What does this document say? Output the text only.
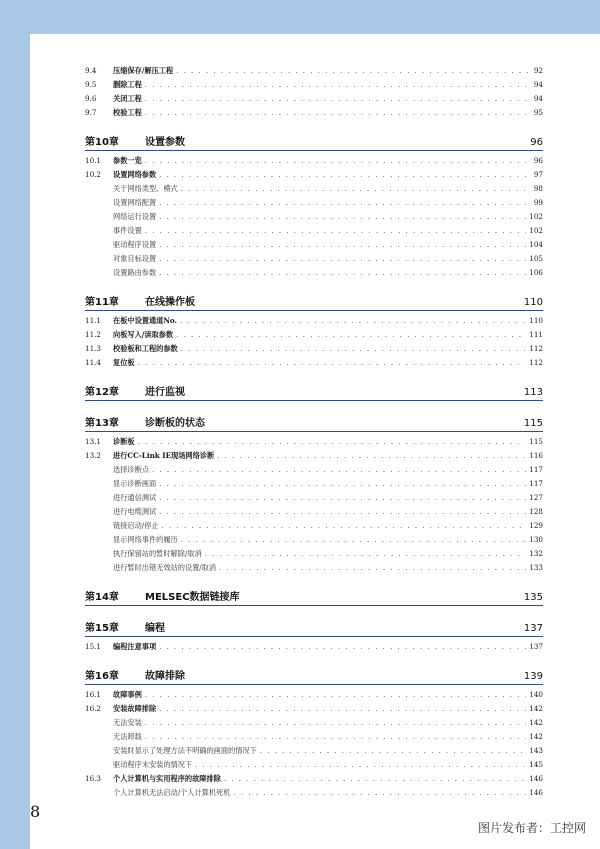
9.4	压缩保存/解压工程 . . .	92
9.5	删除工程 . . .	94
9.6	关闭工程 . . .	94
9.7	校验工程 . . .	95
第10章	设置参数	96
10.1	参数一览 . . .	96
10.2	设置网络参数 . . .	97
关于网络类型、模式 . . .	98
设置网络配置 . . .	99
网络运行设置 . . .	102
事件设置 . . .	102
驱动程序设置 . . .	104
对象目标设置 . . .	105
设置路由参数 . . .	106
第11章	在线操作板	110
11.1	在板中设置通道No. . . .	110
11.2	向板写入/读取参数 . . .	111
11.3	校验板和工程的参数 . . .	112
11.4	复位板 . . .	112
第12章	进行监视	113
第13章	诊断板的状态	115
13.1	诊断板 . . .	115
13.2	进行CC-Link IE现场网络诊断 . . .	116
选择诊断点 . . .	117
显示诊断画面 . . .	117
进行通信测试 . . .	127
进行电缆测试 . . .	128
链接启动/停止 . . .	129
显示网络事件的履历 . . .	130
执行保留站的暂时解除/取消 . . .	132
进行暂时出错无效站的设置/取消 . . .	133
第14章	MELSEC数据链接库	135
第15章	编程	137
15.1	编程注意事项 . . .	137
第16章	故障排除	139
16.1	故障事例 . . .	140
16.2	安装故障排除 . . .	142
无法安装 . . .	142
无法卸载 . . .	142
安装时显示了处理方法不明确的画面的情况下 . . .	143
驱动程序未安装的情况下 . . .	145
16.3	个人计算机与实用程序的故障排除 . . .	146
个人计算机无法启动/个人计算机死机 . . .	146
8
图片发布者：工控网
